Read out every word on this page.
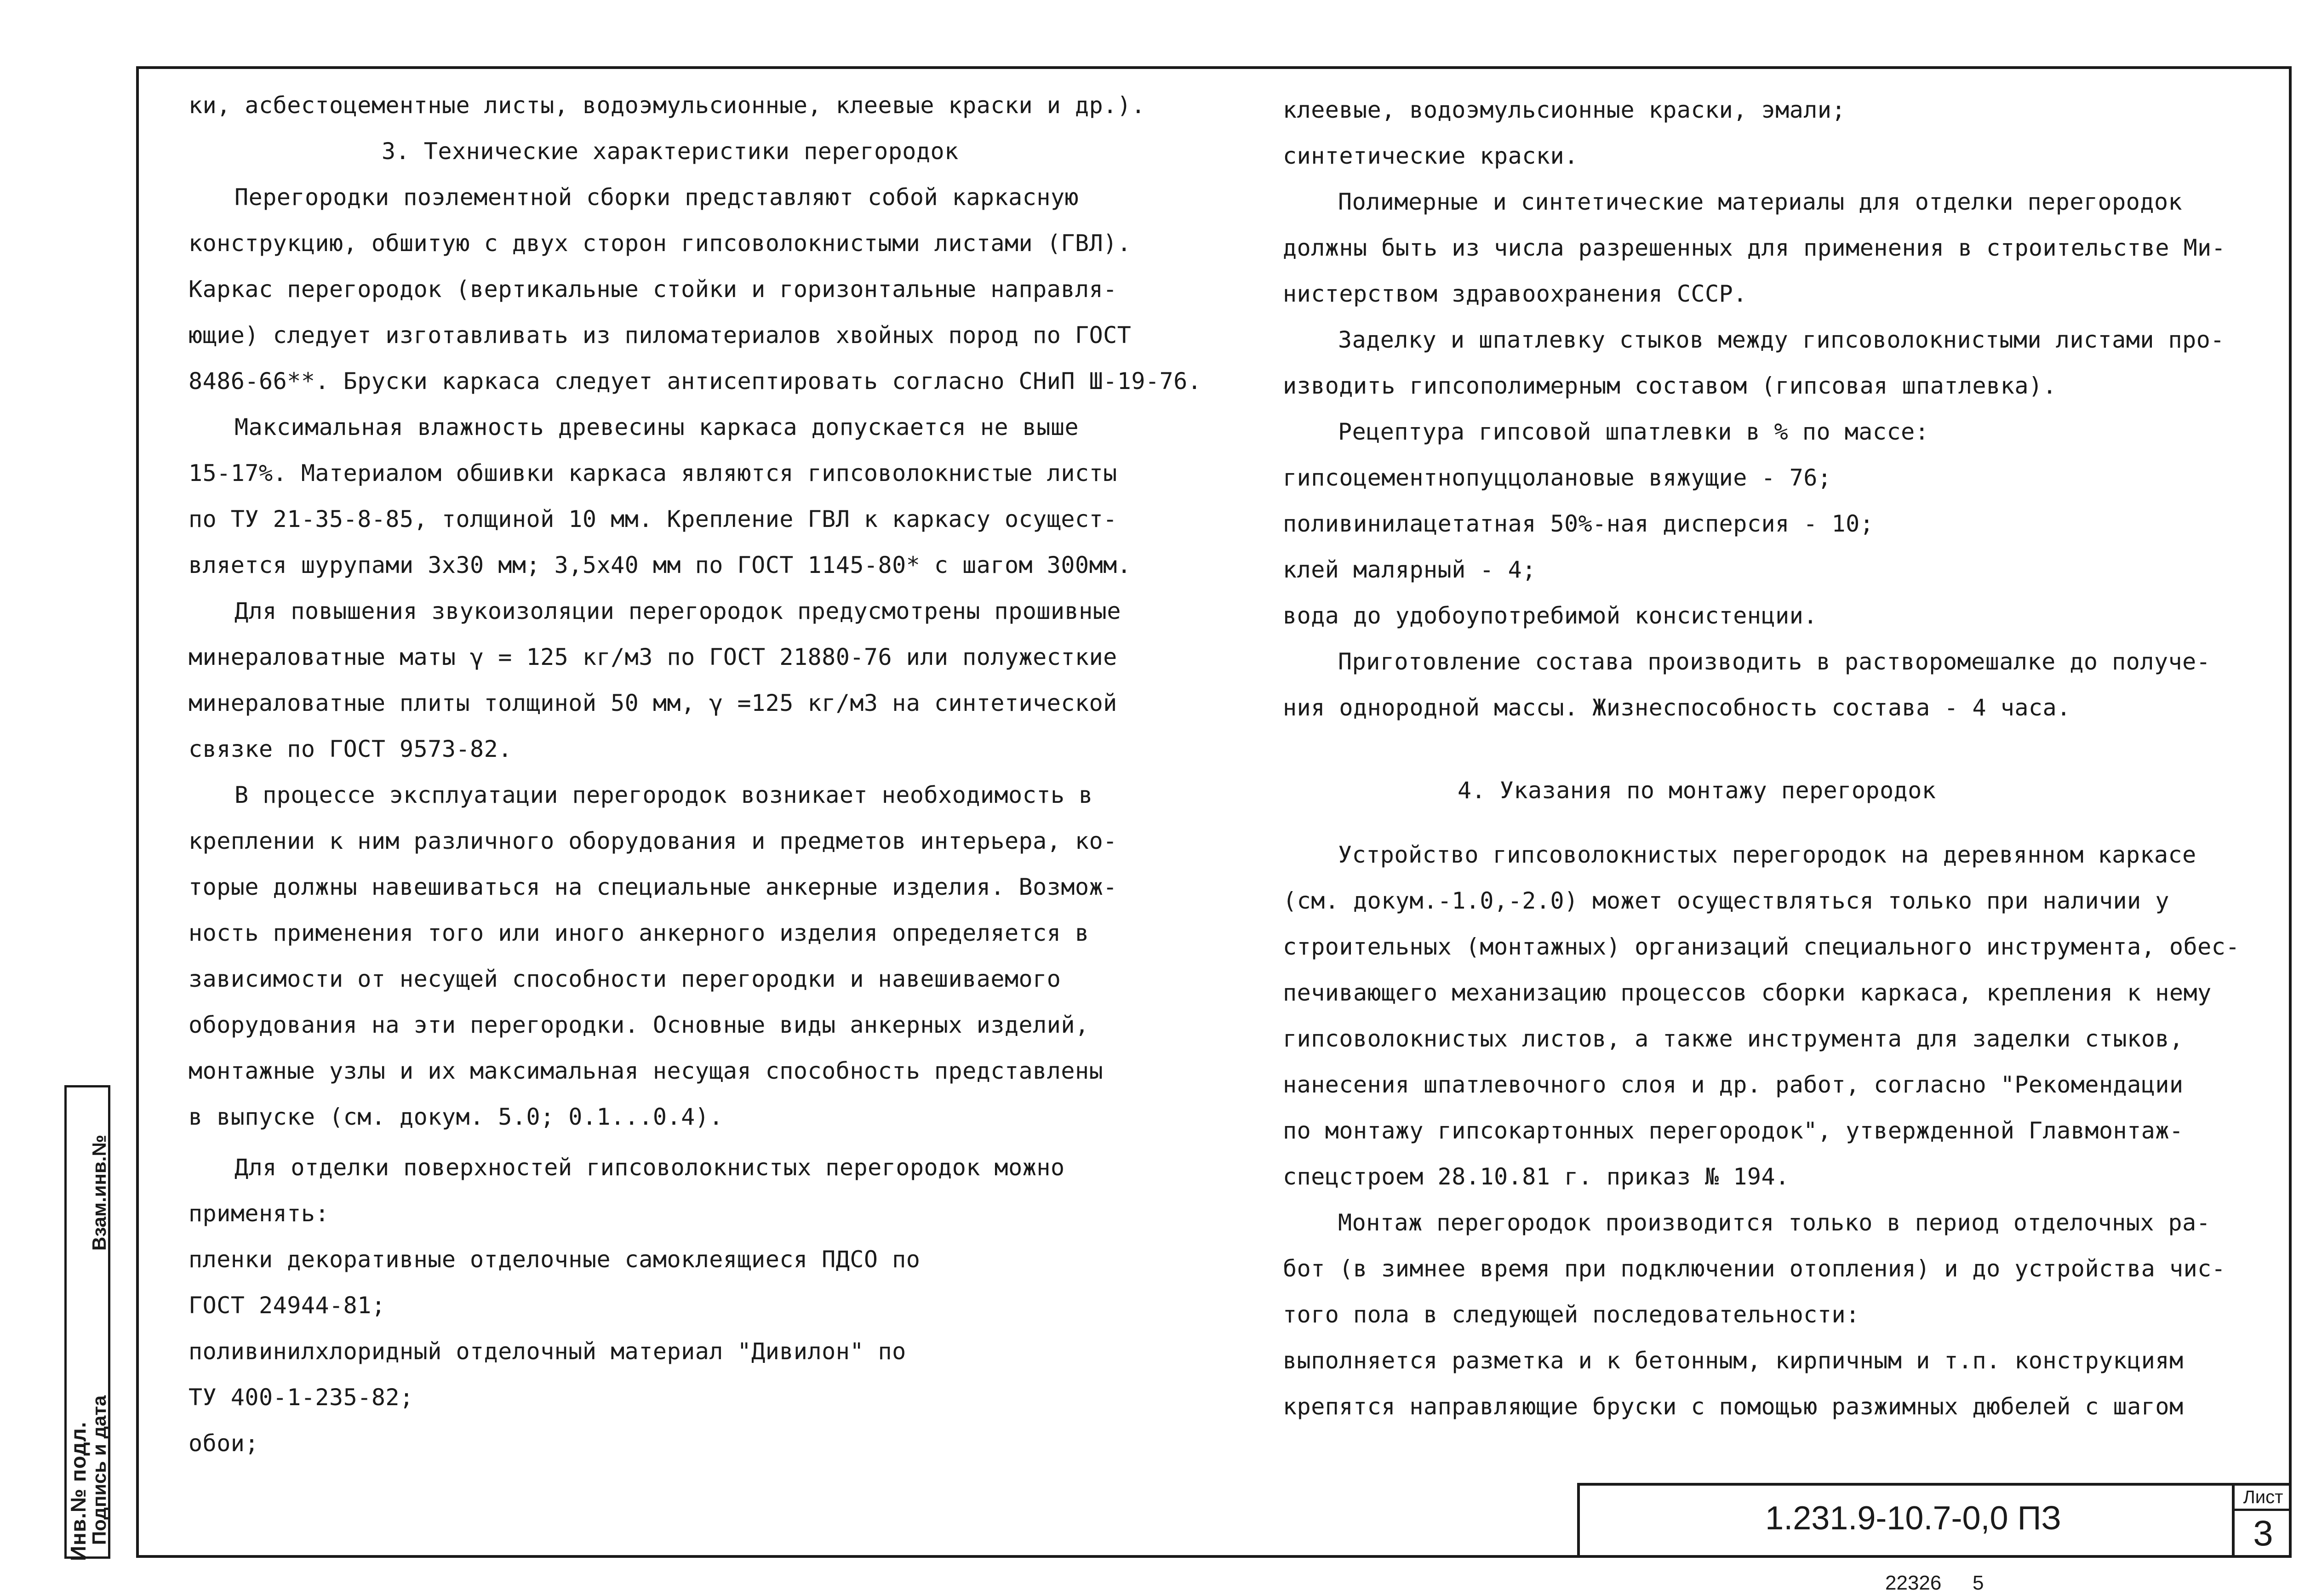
ки, асбестоцементные листы, водоэмульсионные, клеевые краски и др.).
3. Технические характеристики перегородок
Перегородки поэлементной сборки представляют собой каркасную
конструкцию, обшитую с двух сторон гипсоволокнистыми листами (ГВЛ).
Каркас перегородок (вертикальные стойки и горизонтальные направля-
ющие) следует изготавливать из пиломатериалов хвойных пород по ГОСТ
8486-66**. Бруски каркаса следует антисептировать согласно СНиП Ш-19-76.
Максимальная влажность древесины каркаса допускается не выше
15-17%. Материалом обшивки каркаса являются гипсоволокнистые листы
по ТУ 21-35-8-85, толщиной 10 мм. Крепление ГВЛ к каркасу осущест-
вляется шурупами 3х30 мм; 3,5х40 мм по ГОСТ 1145-80* с шагом 300мм.
Для повышения звукоизоляции перегородок предусмотрены прошивные
минераловатные маты γ = 125 кг/м3 по ГОСТ 21880-76 или полужесткие
минераловатные плиты толщиной 50 мм, γ =125 кг/м3 на синтетической
связке по ГОСТ 9573-82.
В процессе эксплуатации перегородок возникает необходимость в
креплении к ним различного оборудования и предметов интерьера, ко-
торые должны навешиваться на специальные анкерные изделия. Возмож-
ность применения того или иного анкерного изделия определяется в
зависимости от несущей способности перегородки и навешиваемого
оборудования на эти перегородки. Основные виды анкерных изделий,
монтажные узлы и их максимальная несущая способность представлены
в выпуске (см. докум. 5.0; 0.1...0.4).
Для отделки поверхностей гипсоволокнистых перегородок можно
применять:
пленки декоративные отделочные самоклеящиеся ПДСО по
ГОСТ 24944-81;
поливинилхлоридный отделочный материал "Дивилон" по
ТУ 400-1-235-82;
обои;
клеевые, водоэмульсионные краски, эмали;
синтетические краски.
Полимерные и синтетические материалы для отделки перегородок
должны быть из числа разрешенных для применения в строительстве Ми-
нистерством здравоохранения СССР.
Заделку и шпатлевку стыков между гипсоволокнистыми листами про-
изводить гипсополимерным составом (гипсовая шпатлевка).
Рецептура гипсовой шпатлевки в % по массе:
гипсоцементнопуццолановые вяжущие - 76;
поливинилацетатная 50%-ная дисперсия - 10;
клей малярный - 4;
вода до удобоупотребимой консистенции.
Приготовление состава производить в растворомешалке до получе-
ния однородной массы. Жизнеспособность состава - 4 часа.
4. Указания по монтажу перегородок
Устройство гипсоволокнистых перегородок на деревянном каркасе
(см. докум.-1.0,-2.0) может осуществляться только при наличии у
строительных (монтажных) организаций специального инструмента, обес-
печивающего механизацию процессов сборки каркаса, крепления к нему
гипсоволокнистых листов, а также инструмента для заделки стыков,
нанесения шпатлевочного слоя и др. работ, согласно "Рекомендации
по монтажу гипсокартонных перегородок", утвержденной Главмонтаж-
спецстроем 28.10.81 г. приказ № 194.
Монтаж перегородок производится только в период отделочных ра-
бот (в зимнее время при подключении отопления) и до устройства чис-
того пола в следующей последовательности:
выполняется разметка и к бетонным, кирпичным и т.п. конструкциям
крепятся направляющие бруски с помощью разжимных дюбелей с шагом
Инв.№ подл.
Подпись и дата
Взам.инв.№
1.231.9-10.7-0,0 ПЗ
Лист
3
22326 5
